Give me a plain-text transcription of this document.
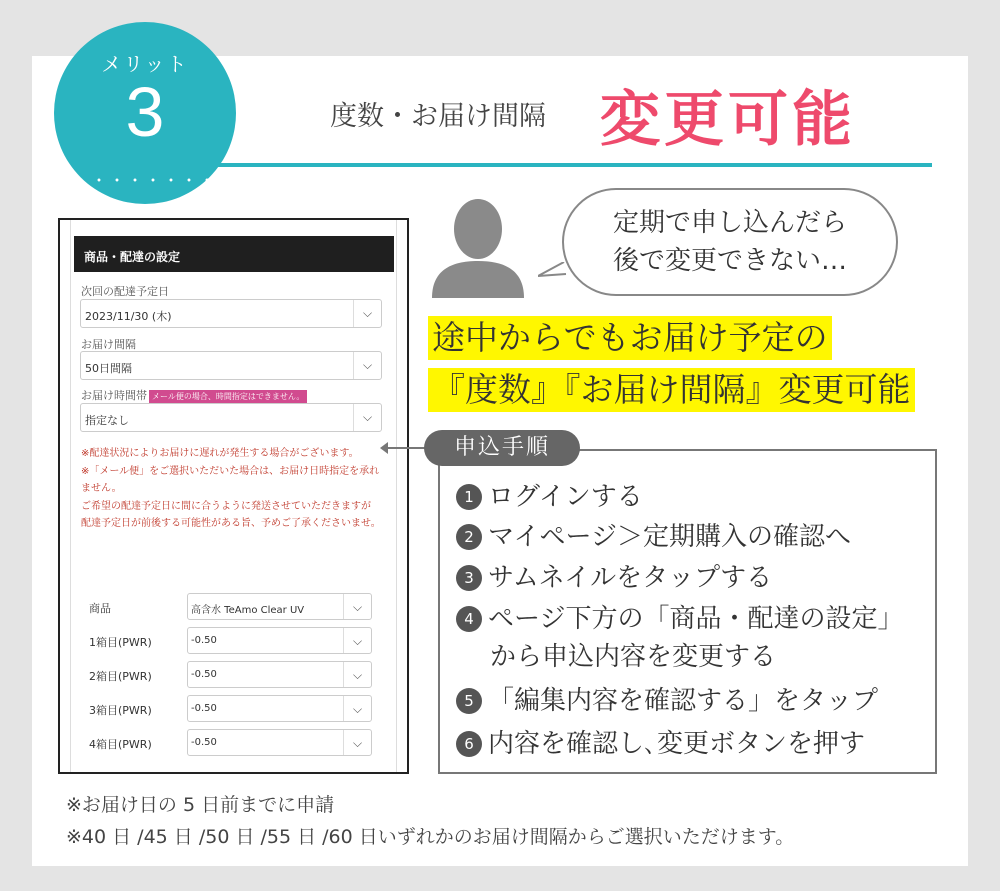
メリット
3
・・・・・・・・
度数・お届け間隔 変更可能
商品・配達の設定
次回の配達予定日
2023/11/30 (木)	⌵
お届け間隔
50日間隔	⌵
お届け時間帯 メール便の場合、時間指定はできません。
指定なし	⌵
※配達状況によりお届けに遅れが発生する場合がございます。
※「メール便」をご選択いただいた場合は、お届け日時指定を承れません。
ご希望の配達予定日に間に合うように発送させていただきますが
配達予定日が前後する可能性がある旨、予めご了承くださいませ。
商品	高含水 TeAmo Clear UV	⌵
1箱目(PWR)	-0.50	⌵
2箱目(PWR)	-0.50	⌵
3箱目(PWR)	-0.50	⌵
4箱目(PWR)	-0.50	⌵
定期で申し込んだら
後で変更できない…
途中からでもお届け予定の
『度数』『お届け間隔』変更可能
申込手順
1 ログインする
2 マイページ＞定期購入の確認へ
3 サムネイルをタップする
4 ページ下方の「商品・配達の設定」
から申込内容を変更する
5 「編集内容を確認する」をタップ
6 内容を確認し､変更ボタンを押す
※お届け日の 5 日前までに申請
※40 日 /45 日 /50 日 /55 日 /60 日いずれかのお届け間隔からご選択いただけます。
